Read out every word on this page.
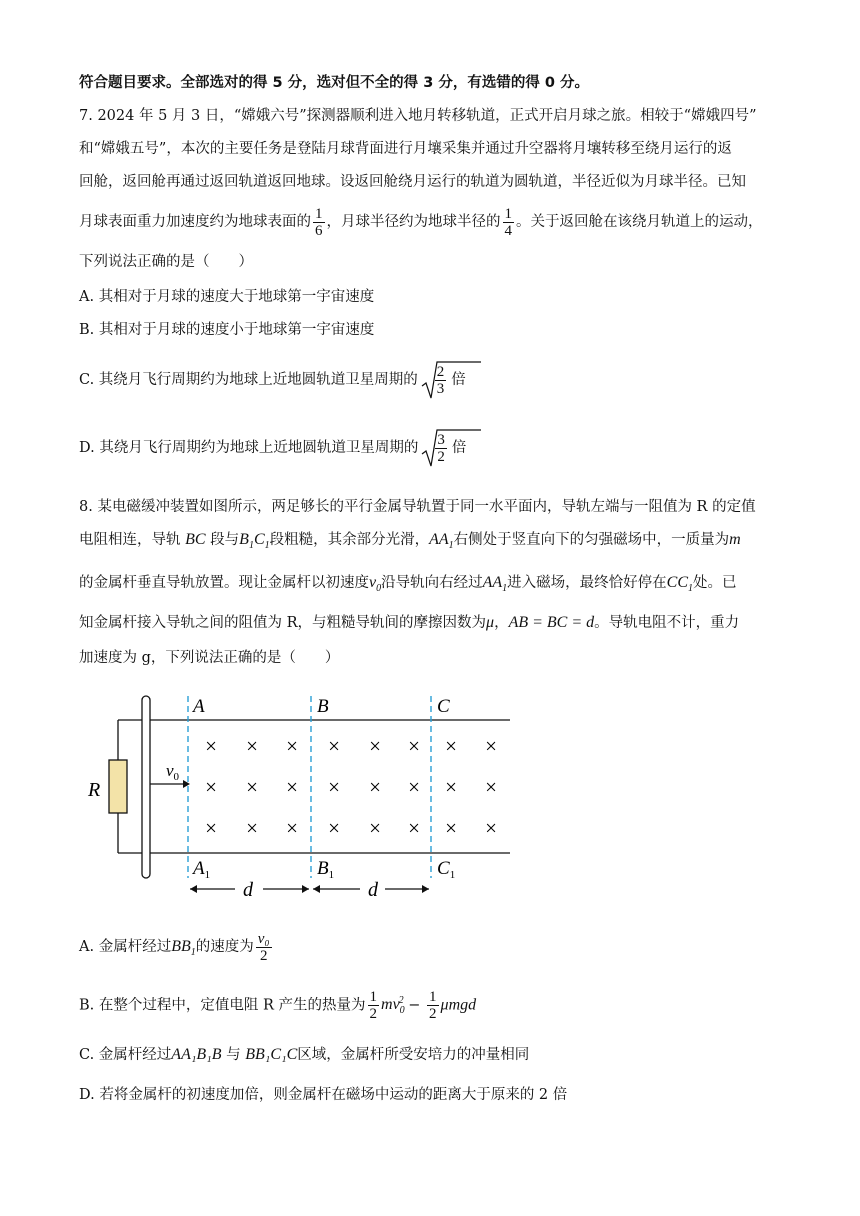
符合题目要求。全部选对的得 5 分，选对但不全的得 3 分，有选错的得 0 分。
7. 2024 年 5 月 3 日，“嫦娥六号”探测器顺利进入地月转移轨道，正式开启月球之旅。相较于“嫦娥四号”
和“嫦娥五号”，本次的主要任务是登陆月球背面进行月壤采集并通过升空器将月壤转移至绕月运行的返
回舱，返回舱再通过返回轨道返回地球。设返回舱绕月运行的轨道为圆轨道，半径近似为月球半径。已知
月球表面重力加速度约为地球表面的 $\frac{1}{6}$ ，月球半径约为地球半径的 $\frac{1}{4}$ 。关于返回舱在该绕月轨道上的运动，
下列说法正确的是（　　）
A. 其相对于月球的速度大于地球第一宇宙速度
B. 其相对于月球的速度小于地球第一宇宙速度
C. 其绕月飞行周期约为地球上近地圆轨道卫星周期的 $\frac{2}{3}$ 倍
D. 其绕月飞行周期约为地球上近地圆轨道卫星周期的 $\frac{3}{2}$ 倍
8. 某电磁缓冲装置如图所示，两足够长的平行金属导轨置于同一水平面内，导轨左端与一阻值为 R 的定值
电阻相连，导轨 BC 段与$B_1C_1$段粗糙，其余部分光滑，$AA_1$右侧处于竖直向下的匀强磁场中，一质量为m
的金属杆垂直导轨放置。现让金属杆以初速度$v_0$沿导轨向右经过$AA_1$进入磁场，最终恰好停在$CC_1$处。已
知金属杆接入导轨之间的阻值为 R，与粗糙导轨间的摩擦因数为μ，AB = BC = d。导轨电阻不计，重力
加速度为 g，下列说法正确的是（　　）
R
$v_0$
A	B	C
$A_1$	$B_1$	$C_1$
d	d
× × × × × × × ×
× × × × × × × ×
× × × × × × × ×
A. 金属杆经过$BB_1$的速度为 $\frac{\text{v₀}}{2}$
B. 在整个过程中，定值电阻 R 产生的热量为 $\frac{1}{2} mv_0^2 - \frac{1}{2}$ μmgd
C. 金属杆经过AA₁B₁B 与 BB₁C₁C区域，金属杆所受安培力的冲量相同
D. 若将金属杆的初速度加倍，则金属杆在磁场中运动的距离大于原来的 2 倍
